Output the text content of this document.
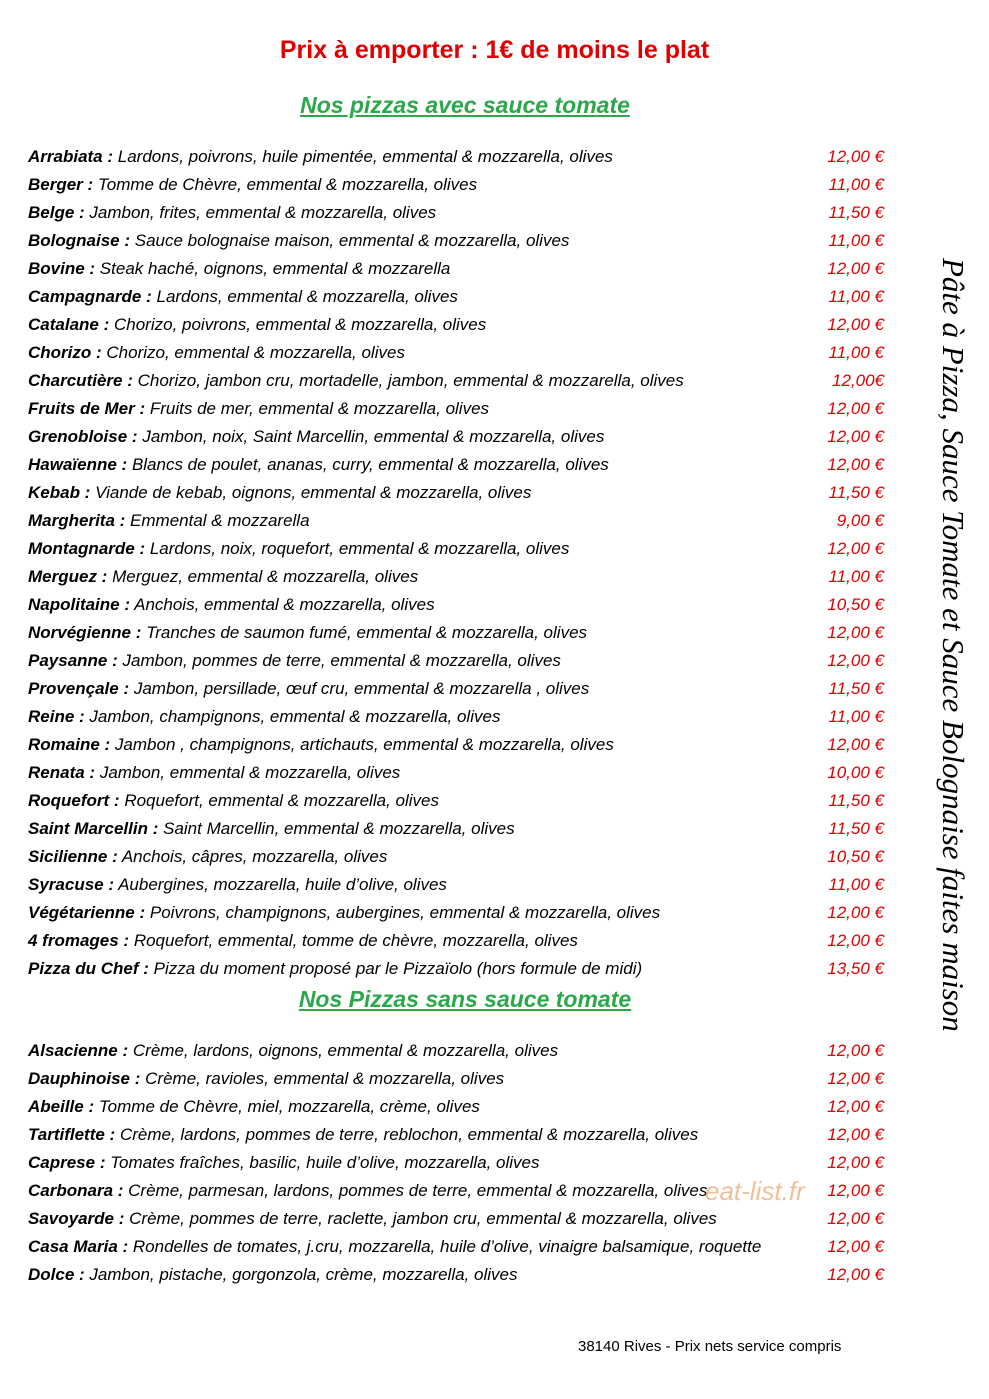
Prix à emporter : 1€ de moins le plat
Nos pizzas avec sauce tomate
Arrabiata : Lardons, poivrons, huile pimentée, emmental & mozzarella, olives	12,00 €
Berger : Tomme de Chèvre, emmental & mozzarella, olives	11,00 €
Belge : Jambon, frites, emmental & mozzarella, olives	11,50 €
Bolognaise : Sauce bolognaise maison, emmental & mozzarella, olives	11,00 €
Bovine : Steak haché, oignons, emmental & mozzarella	12,00 €
Campagnarde : Lardons, emmental & mozzarella, olives	11,00 €
Catalane : Chorizo, poivrons, emmental & mozzarella, olives	12,00 €
Chorizo : Chorizo, emmental & mozzarella, olives	11,00 €
Charcutière : Chorizo, jambon cru, mortadelle, jambon, emmental & mozzarella, olives	12,00€
Fruits de Mer : Fruits de mer, emmental & mozzarella, olives	12,00 €
Grenobloise : Jambon, noix, Saint Marcellin, emmental & mozzarella, olives	12,00 €
Hawaïenne : Blancs de poulet, ananas, curry, emmental & mozzarella, olives	12,00 €
Kebab : Viande de kebab, oignons, emmental & mozzarella, olives	11,50 €
Margherita : Emmental & mozzarella	9,00 €
Montagnarde : Lardons, noix, roquefort, emmental & mozzarella, olives	12,00 €
Merguez : Merguez, emmental & mozzarella, olives	11,00 €
Napolitaine : Anchois, emmental & mozzarella, olives	10,50 €
Norvégienne : Tranches de saumon fumé, emmental & mozzarella, olives	12,00 €
Paysanne : Jambon, pommes de terre, emmental & mozzarella, olives	12,00 €
Provençale : Jambon, persillade, œuf cru, emmental & mozzarella , olives	11,50 €
Reine : Jambon, champignons, emmental & mozzarella, olives	11,00 €
Romaine : Jambon , champignons, artichauts, emmental & mozzarella, olives	12,00 €
Renata : Jambon, emmental & mozzarella, olives	10,00 €
Roquefort : Roquefort, emmental & mozzarella, olives	11,50 €
Saint Marcellin : Saint Marcellin, emmental & mozzarella, olives	11,50 €
Sicilienne : Anchois, câpres, mozzarella, olives	10,50 €
Syracuse : Aubergines, mozzarella, huile d’olive, olives	11,00 €
Végétarienne : Poivrons, champignons, aubergines, emmental & mozzarella, olives	12,00 €
4 fromages : Roquefort, emmental, tomme de chèvre, mozzarella, olives	12,00 €
Pizza du Chef : Pizza du moment proposé par le Pizzaïolo (hors formule de midi)	13,50 €
Nos Pizzas sans sauce tomate
Alsacienne : Crème, lardons, oignons, emmental & mozzarella, olives	12,00 €
Dauphinoise : Crème, ravioles, emmental & mozzarella, olives	12,00 €
Abeille : Tomme de Chèvre, miel, mozzarella, crème, olives	12,00 €
Tartiflette : Crème, lardons, pommes de terre, reblochon, emmental & mozzarella, olives	12,00 €
Caprese : Tomates fraîches, basilic, huile d’olive, mozzarella, olives	12,00 €
Carbonara : Crème, parmesan, lardons, pommes de terre, emmental & mozzarella, olives	12,00 €
Savoyarde : Crème, pommes de terre, raclette, jambon cru, emmental & mozzarella, olives	12,00 €
Casa Maria : Rondelles de tomates, j.cru, mozzarella, huile d’olive, vinaigre balsamique, roquette	12,00 €
Dolce : Jambon, pistache, gorgonzola, crème, mozzarella, olives	12,00 €
Pâte à Pizza, Sauce Tomate et Sauce Bolognaise faites maison
eat-list.fr
38140 Rives - Prix nets service compris
